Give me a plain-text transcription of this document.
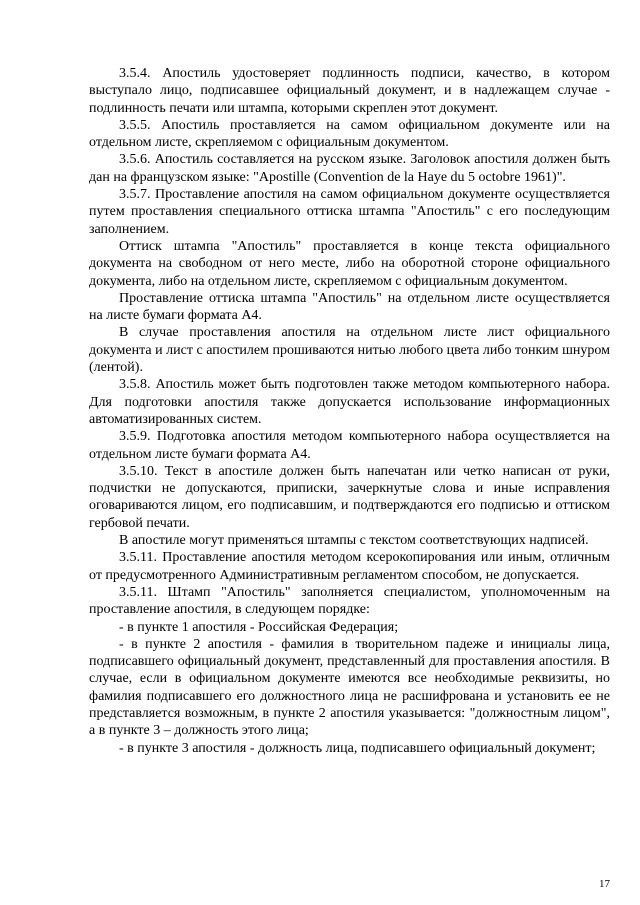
3.5.4. Апостиль удостоверяет подлинность подписи, качество, в котором выступало лицо, подписавшее официальный документ, и в надлежащем случае - подлинность печати или штампа, которыми скреплен этот документ.

3.5.5. Апостиль проставляется на самом официальном документе или на отдельном листе, скрепляемом с официальным документом.

3.5.6. Апостиль составляется на русском языке. Заголовок апостиля должен быть дан на французском языке: "Apostille (Convention de la Haye du 5 octobre 1961)".

3.5.7. Проставление апостиля на самом официальном документе осуществляется путем проставления специального оттиска штампа "Апостиль" с его последующим заполнением.

Оттиск штампа "Апостиль" проставляется в конце текста официального документа на свободном от него месте, либо на оборотной стороне официального документа, либо на отдельном листе, скрепляемом с официальным документом.

Проставление оттиска штампа "Апостиль" на отдельном листе осуществляется на листе бумаги формата А4.

В случае проставления апостиля на отдельном листе лист официального документа и лист с апостилем прошиваются нитью любого цвета либо тонким шнуром (лентой).

3.5.8. Апостиль может быть подготовлен также методом компьютерного набора. Для подготовки апостиля также допускается использование информационных автоматизированных систем.

3.5.9. Подготовка апостиля методом компьютерного набора осуществляется на отдельном листе бумаги формата А4.

3.5.10. Текст в апостиле должен быть напечатан или четко написан от руки, подчистки не допускаются, приписки, зачеркнутые слова и иные исправления оговариваются лицом, его подписавшим, и подтверждаются его подписью и оттиском гербовой печати.

В апостиле могут применяться штампы с текстом соответствующих надписей.

3.5.11. Проставление апостиля методом ксерокопирования или иным, отличным от предусмотренного Административным регламентом способом, не допускается.

3.5.11. Штамп "Апостиль" заполняется специалистом, уполномоченным на проставление апостиля, в следующем порядке:

- в пункте 1 апостиля - Российская Федерация;

- в пункте 2 апостиля - фамилия в творительном падеже и инициалы лица, подписавшего официальный документ, представленный для проставления апостиля. В случае, если в официальном документе имеются все необходимые реквизиты, но фамилия подписавшего его должностного лица не расшифрована и установить ее не представляется возможным, в пункте 2 апостиля указывается: "должностным лицом", а в пункте 3 – должность этого лица;

- в пункте 3 апостиля - должность лица, подписавшего официальный документ;

17
